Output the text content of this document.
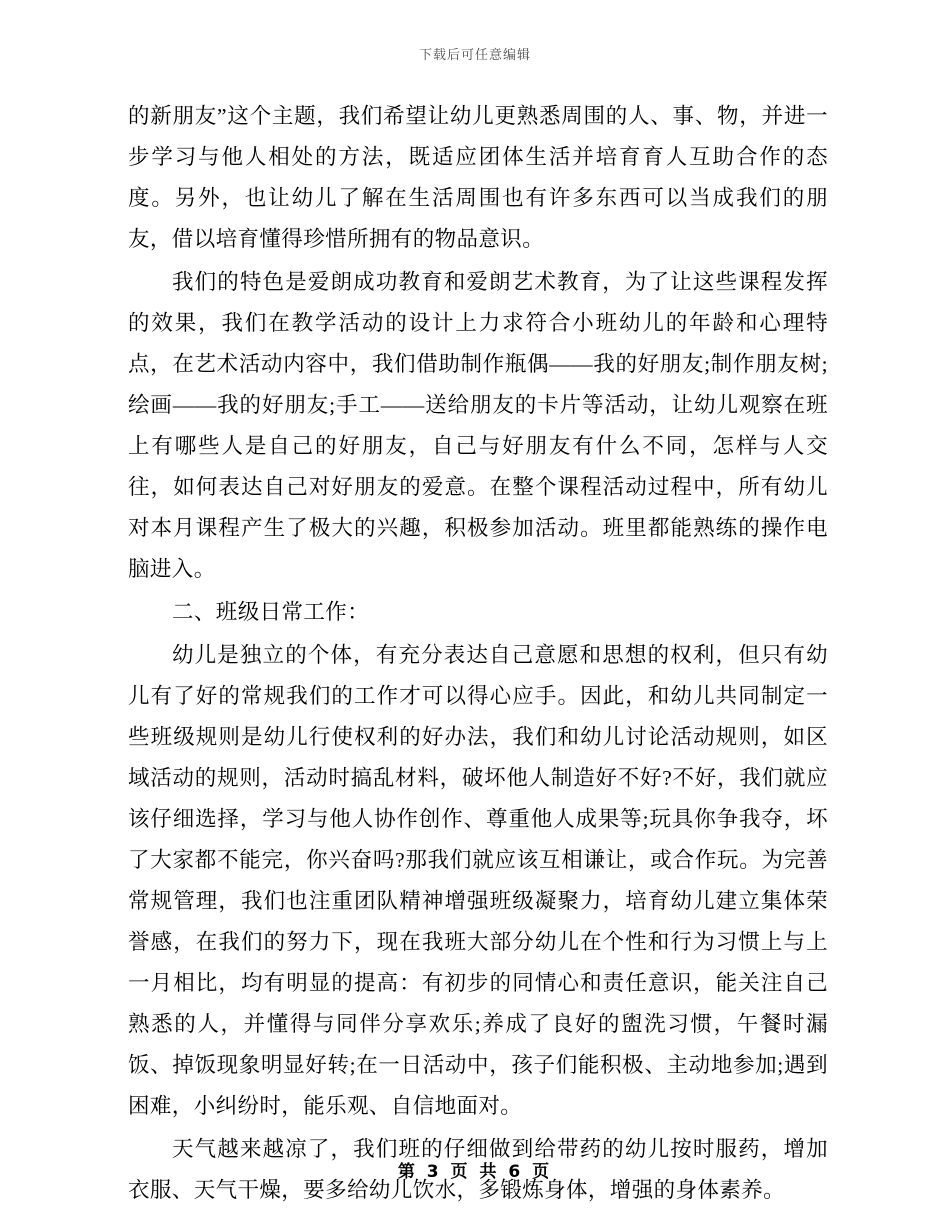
下载后可任意编辑

的新朋友”这个主题，我们希望让幼儿更熟悉周围的人、事、物，并进一步学习与他人相处的方法，既适应团体生活并培育育人互助合作的态度。另外，也让幼儿了解在生活周围也有许多东西可以当成我们的朋友，借以培育懂得珍惜所拥有的物品意识。

我们的特色是爱朗成功教育和爱朗艺术教育，为了让这些课程发挥的效果，我们在教学活动的设计上力求符合小班幼儿的年龄和心理特点，在艺术活动内容中，我们借助制作瓶偶——我的好朋友;制作朋友树;绘画——我的好朋友;手工——送给朋友的卡片等活动，让幼儿观察在班上有哪些人是自己的好朋友，自己与好朋友有什么不同，怎样与人交往，如何表达自己对好朋友的爱意。在整个课程活动过程中，所有幼儿对本月课程产生了极大的兴趣，积极参加活动。班里都能熟练的操作电脑进入。

二、班级日常工作：

幼儿是独立的个体，有充分表达自己意愿和思想的权利，但只有幼儿有了好的常规我们的工作才可以得心应手。因此，和幼儿共同制定一些班级规则是幼儿行使权利的好办法，我们和幼儿讨论活动规则，如区域活动的规则，活动时搞乱材料，破坏他人制造好不好?不好，我们就应该仔细选择，学习与他人协作创作、尊重他人成果等;玩具你争我夺，坏了大家都不能完，你兴奋吗?那我们就应该互相谦让，或合作玩。为完善常规管理，我们也注重团队精神增强班级凝聚力，培育幼儿建立集体荣誉感，在我们的努力下，现在我班大部分幼儿在个性和行为习惯上与上一月相比，均有明显的提高：有初步的同情心和责任意识，能关注自己熟悉的人，并懂得与同伴分享欢乐;养成了良好的盥洗习惯，午餐时漏饭、掉饭现象明显好转;在一日活动中，孩子们能积极、主动地参加;遇到困难，小纠纷时，能乐观、自信地面对。

天气越来越凉了，我们班的仔细做到给带药的幼儿按时服药，增加衣服、天气干燥，要多给幼儿饮水，多锻炼身体，增强的身体素养。

第 3 页 共 6 页
